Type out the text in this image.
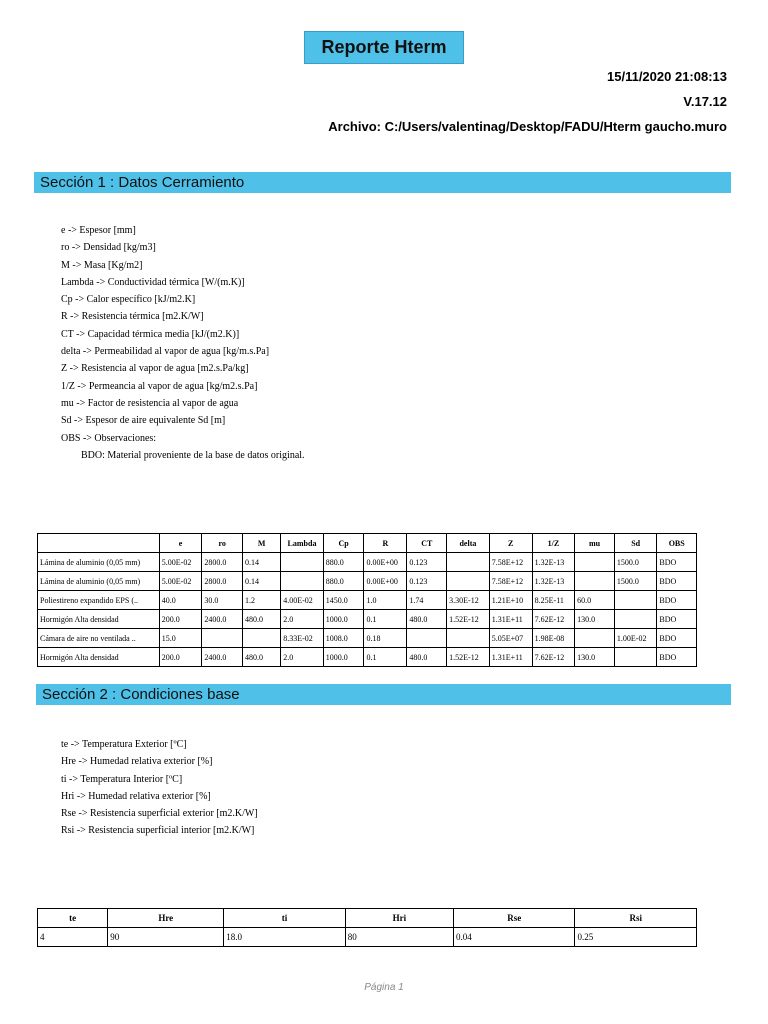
Reporte Hterm
15/11/2020 21:08:13
V.17.12
Archivo: C:/Users/valentinag/Desktop/FADU/Hterm gaucho.muro
Sección 1 : Datos Cerramiento
e -> Espesor [mm]
ro -> Densidad [kg/m3]
M -> Masa [Kg/m2]
Lambda -> Conductividad térmica [W/(m.K)]
Cp -> Calor específico [kJ/m2.K]
R -> Resistencia térmica [m2.K/W]
CT -> Capacidad térmica media [kJ/(m2.K)]
delta -> Permeabilidad al vapor de agua [kg/m.s.Pa]
Z -> Resistencia al vapor de agua [m2.s.Pa/kg]
1/Z -> Permeancia al vapor de agua [kg/m2.s.Pa]
mu -> Factor de resistencia al vapor de agua
Sd -> Espesor de aire equivalente Sd [m]
OBS -> Observaciones:
BDO: Material proveniente de la base de datos original.
	e	ro	M	Lambda	Cp	R	CT	delta	Z	1/Z	mu	Sd	OBS
Lámina de aluminio (0,05 mm)	5.00E-02	2800.0	0.14		880.0	0.00E+00	0.123		7.58E+12	1.32E-13		1500.0	BDO
Lámina de aluminio (0,05 mm)	5.00E-02	2800.0	0.14		880.0	0.00E+00	0.123		7.58E+12	1.32E-13		1500.0	BDO
Poliestireno expandido EPS (..	40.0	30.0	1.2	4.00E-02	1450.0	1.0	1.74	3.30E-12	1.21E+10	8.25E-11	60.0		BDO
Hormigón Alta densidad	200.0	2400.0	480.0	2.0	1000.0	0.1	480.0	1.52E-12	1.31E+11	7.62E-12	130.0		BDO
Cámara de aire no ventilada ..	15.0			8.33E-02	1008.0	0.18			5.05E+07	1.98E-08		1.00E-02	BDO
Hormigón Alta densidad	200.0	2400.0	480.0	2.0	1000.0	0.1	480.0	1.52E-12	1.31E+11	7.62E-12	130.0		BDO
Sección 2 : Condiciones base
te -> Temperatura Exterior [ºC]
Hre -> Humedad relativa exterior [%]
ti -> Temperatura Interior [ºC]
Hri -> Humedad relativa exterior [%]
Rse -> Resistencia superficial exterior [m2.K/W]
Rsi -> Resistencia superficial interior [m2.K/W]
te	Hre	ti	Hri	Rse	Rsi
4	90	18.0	80	0.04	0.25
Página 1
